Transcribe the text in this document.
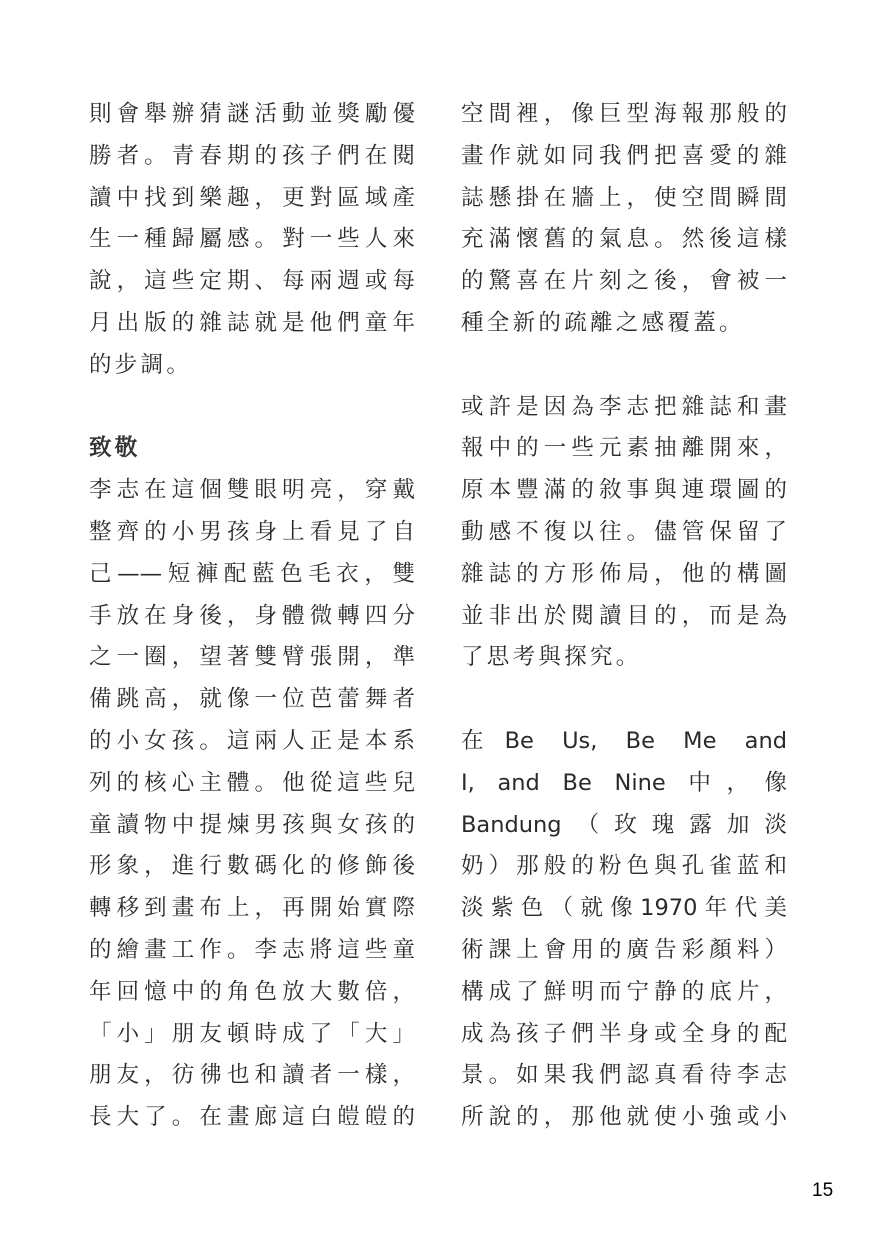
則會舉辦猜謎活動並獎勵優
勝者。青春期的孩子們在閱
讀中找到樂趣，更對區域產
生一種歸屬感。對一些人來
說，這些定期、每兩週或每
月出版的雜誌就是他們童年
的步調。
致敬
李志在這個雙眼明亮，穿戴
整齊的小男孩身上看見了自
己——短褲配藍色毛衣，雙
手放在身後，身體微轉四分
之一圈，望著雙臂張開，準
備跳高，就像一位芭蕾舞者
的小女孩。這兩人正是本系
列的核心主體。他從這些兒
童讀物中提煉男孩與女孩的
形象，進行數碼化的修飾後
轉移到畫布上，再開始實際
的繪畫工作。李志將這些童
年回憶中的角色放大數倍，
「小」朋友頓時成了「大」
朋友，彷彿也和讀者一樣，
長大了。在畫廊這白皚皚的
空間裡，像巨型海報那般的
畫作就如同我們把喜愛的雜
誌懸掛在牆上，使空間瞬間
充滿懷舊的氣息。然後這樣
的驚喜在片刻之後，會被一
種全新的疏離之感覆蓋。
或許是因為李志把雜誌和畫
報中的一些元素抽離開來，
原本豐滿的敘事與連環圖的
動感不復以往。儘管保留了
雜誌的方形佈局，他的構圖
並非出於閱讀目的，而是為
了思考與探究。
在Be Us, Be Me and
I, and Be Nine 中，像
Bandung（玫瑰露加淡
奶）那般的粉色與孔雀蓝和
淡紫色（就像1970年代美
術課上會用的廣告彩顏料）
構成了鮮明而宁静的底片，
成為孩子們半身或全身的配
景。如果我們認真看待李志
所說的，那他就使小強或小
15
